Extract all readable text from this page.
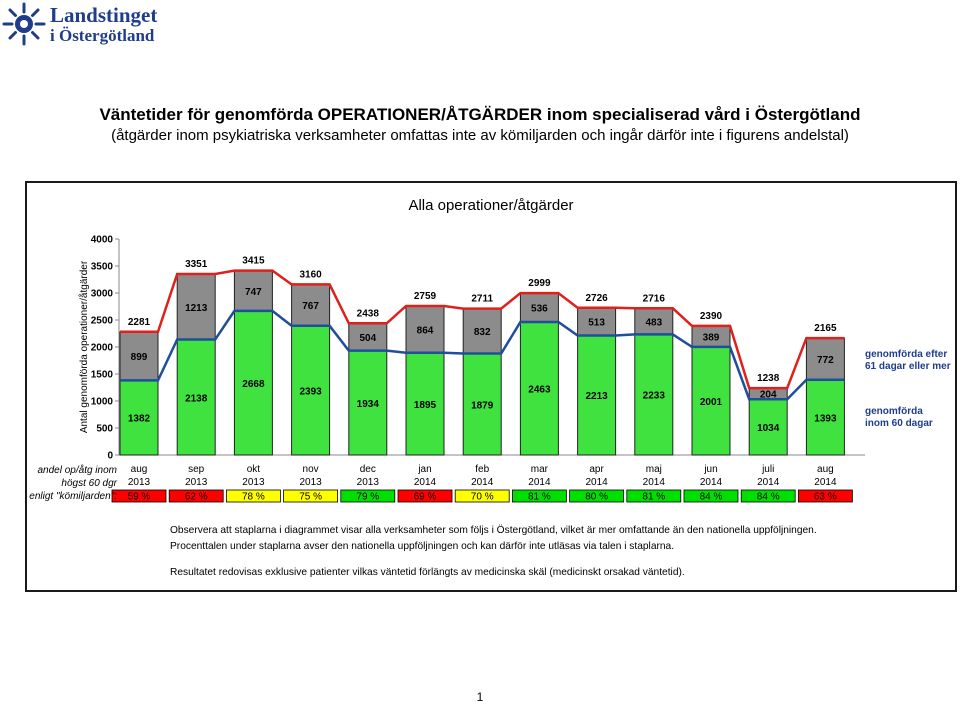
Landstinget
i Östergötland
Väntetider för genomförda OPERATIONER/ÅTGÄRDER inom specialiserad vård i Östergötland
(åtgärder inom psykiatriska verksamheter omfattas inte av kömiljarden och ingår därför inte i figurens andelstal)
Alla operationer/åtgärder
0
500
1000
1500
2000
2500
3000
3500
4000
Antal genomförda operationer/åtgärder	1382
899
2281
aug
2013
59 %
2138
1213
3351
sep
2013
62 %
2668
747
3415
okt
2013
78 %
2393
767
3160
nov
2013
75 %
1934
504
2438
dec
2013
79 %
1895
864
2759
jan
2014
69 %
1879
832
2711
feb
2014
70 %
2463
536
2999
mar
2014
81 %
2213
513
2726
apr
2014
80 %
2233
483
2716
maj
2014
81 %
2001
389
2390
jun
2014
84 %
1034
204
1238
juli
2014
84 %
1393
772
2165
aug
2014
63 %
andel op/åtg inom
högst 60 dgr
enligt "kömiljarden":
genomförda efter
61 dagar eller mer
genomförda
inom 60 dagar
Observera att staplarna i diagrammet visar alla verksamheter som följs i Östergötland, vilket är mer omfattande än den nationella uppföljningen.
Procenttalen under staplarna avser den nationella uppföljningen och kan därför inte utläsas via talen i staplarna.
Resultatet redovisas exklusive patienter vilkas väntetid förlängts av medicinska skäl (medicinskt orsakad väntetid).
1
